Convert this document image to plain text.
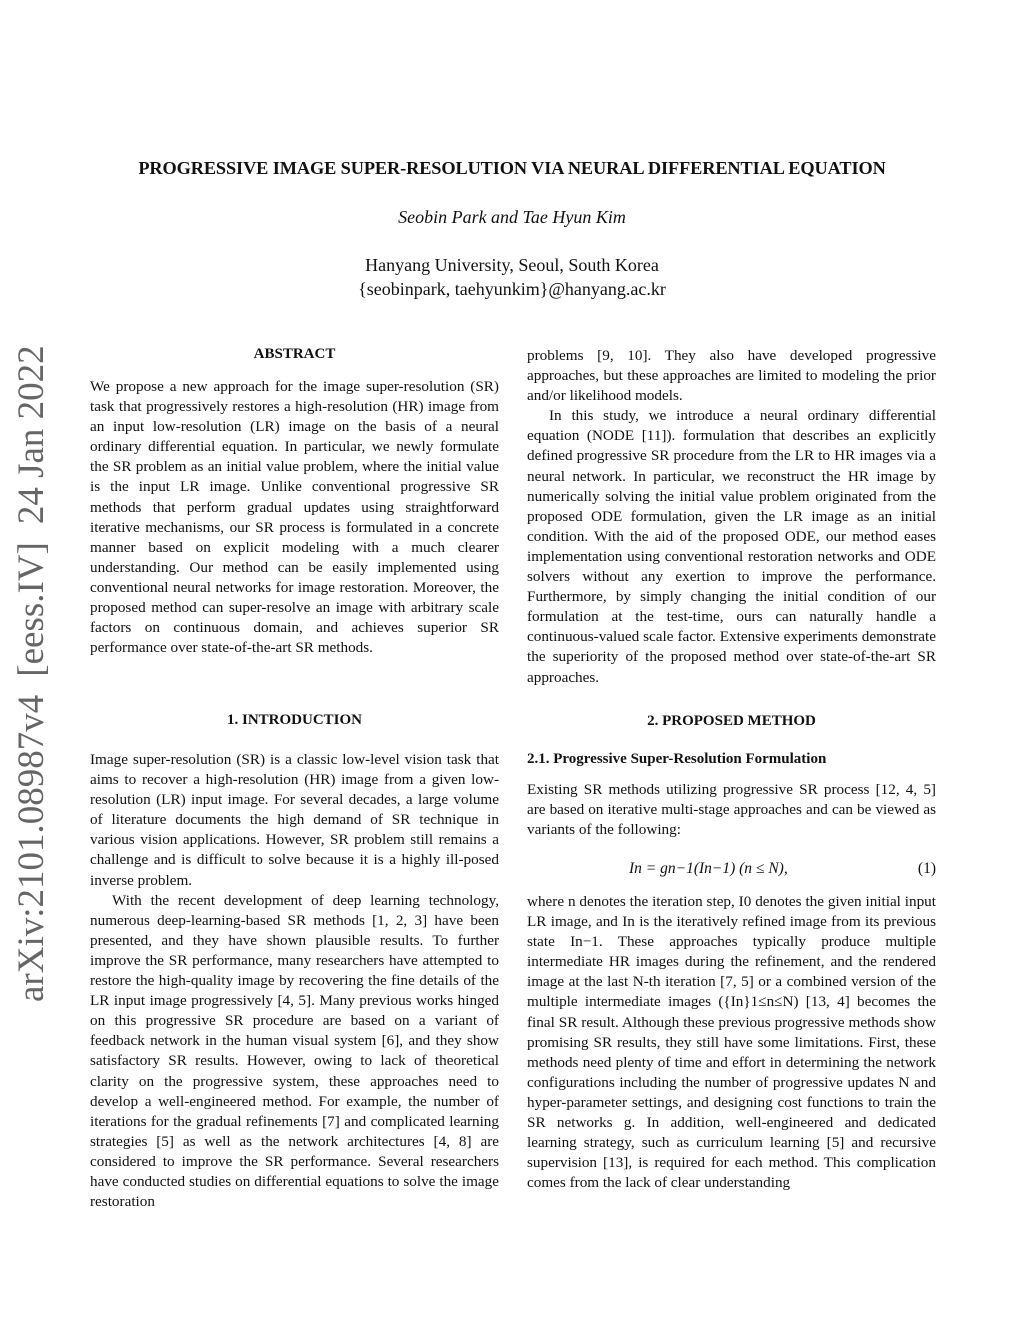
PROGRESSIVE IMAGE SUPER-RESOLUTION VIA NEURAL DIFFERENTIAL EQUATION
Seobin Park and Tae Hyun Kim
Hanyang University, Seoul, South Korea
{seobinpark, taehyunkim}@hanyang.ac.kr
arXiv:2101.08987v4[eess.IV]24 Jan 2022	ABSTRACT

We propose a new approach for the image super-resolution (SR) task that progressively restores a high-resolution (HR) image from an input low-resolution (LR) image on the basis of a neural ordinary differential equation. In particular, we newly formulate the SR problem as an initial value problem, where the initial value is the input LR image. Unlike conventional progressive SR methods that perform gradual updates using straightforward iterative mechanisms, our SR process is formulated in a concrete manner based on explicit modeling with a much clearer understanding. Our method can be easily implemented using conventional neural networks for image restoration. Moreover, the proposed method can super-resolve an image with arbitrary scale factors on continuous domain, and achieves superior SR performance over state-of-the-art SR methods.

1. INTRODUCTION

Image super-resolution (SR) is a classic low-level vision task that aims to recover a high-resolution (HR) image from a given low-resolution (LR) input image. For several decades, a large volume of literature documents the high demand of SR technique in various vision applications. However, SR problem still remains a challenge and is difficult to solve because it is a highly ill-posed inverse problem.

With the recent development of deep learning technology, numerous deep-learning-based SR methods [1, 2, 3] have been presented, and they have shown plausible results. To further improve the SR performance, many researchers have attempted to restore the high-quality image by recovering the fine details of the LR input image progressively [4, 5]. Many previous works hinged on this progressive SR procedure are based on a variant of feedback network in the human visual system [6], and they show satisfactory SR results. However, owing to lack of theoretical clarity on the progressive system, these approaches need to develop a well-engineered method. For example, the number of iterations for the gradual refinements [7] and complicated learning strategies [5] as well as the network architectures [4, 8] are considered to improve the SR performance. Several researchers have conducted studies on differential equations to solve the image restoration

problems [9, 10]. They also have developed progressive approaches, but these approaches are limited to modeling the prior and/or likelihood models.

In this study, we introduce a neural ordinary differential equation (NODE [11]). formulation that describes an explicitly defined progressive SR procedure from the LR to HR images via a neural network. In particular, we reconstruct the HR image by numerically solving the initial value problem originated from the proposed ODE formulation, given the LR image as an initial condition. With the aid of the proposed ODE, our method eases implementation using conventional restoration networks and ODE solvers without any exertion to improve the performance. Furthermore, by simply changing the initial condition of our formulation at the test-time, ours can naturally handle a continuous-valued scale factor. Extensive experiments demonstrate the superiority of the proposed method over state-of-the-art SR approaches.

2. PROPOSED METHOD
2.1. Progressive Super-Resolution Formulation

Existing SR methods utilizing progressive SR process [12, 4, 5] are based on iterative multi-stage approaches and can be viewed as variants of the following:

In = gn−1(In−1) (n ≤ N),	(1)

where n denotes the iteration step, I0 denotes the given initial input LR image, and In is the iteratively refined image from its previous state In−1. These approaches typically produce multiple intermediate HR images during the refinement, and the rendered image at the last N-th iteration [7, 5] or a combined version of the multiple intermediate images ({In}1≤n≤N) [13, 4] becomes the final SR result. Although these previous progressive methods show promising SR results, they still have some limitations. First, these methods need plenty of time and effort in determining the network configurations including the number of progressive updates N and hyper-parameter settings, and designing cost functions to train the SR networks g. In addition, well-engineered and dedicated learning strategy, such as curriculum learning [5] and recursive supervision [13], is required for each method. This complication comes from the lack of clear understanding
